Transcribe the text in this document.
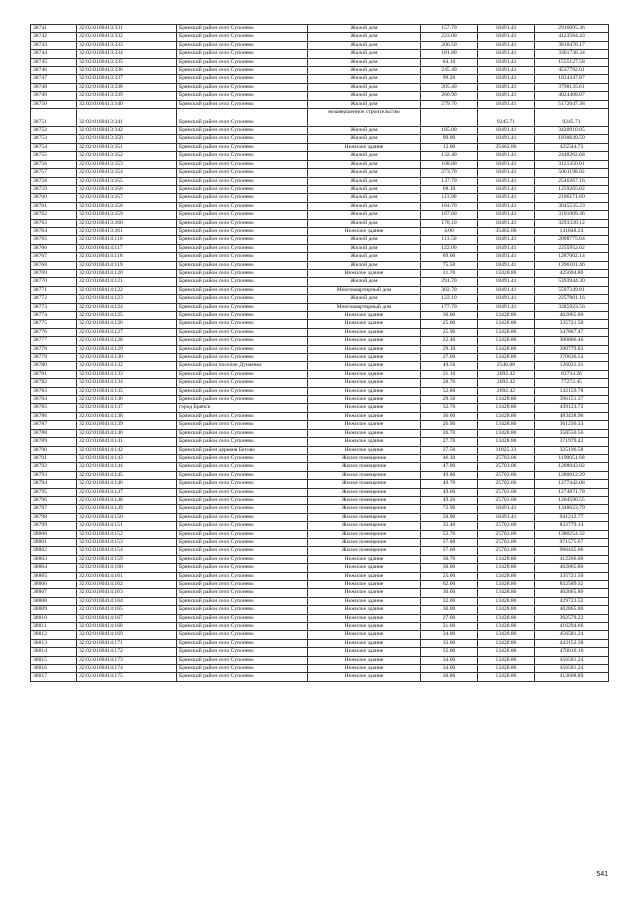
38741	32:02:0160413:331	Брянский район село Супонево	Жилой дом	157.70	18491.41	2916095.36
38742	32:02:0160413:332	Брянский район село Супонево	Жилой дом	223.00	18491.41	4123584.43
38743	32:02:0160413:333	Брянский район село Супонево	Жилой дом	206.50	18491.41	3818476.17
38744	32:02:0160413:334	Брянский район село Супонево	Жилой дом	181.80	18491.41	3361738.34
38745	32:02:0160413:335	Брянский район село Супонево	Жилой дом	84.10	18491.41	1555127.58
38746	32:02:0160413:336	Брянский район село Супонево	Жилой дом	245.40	18491.41	4537792.01
38747	32:02:0160413:337	Брянский район село Супонево	Жилой дом	99.20	18491.41	1834347.87
38748	32:02:0160413:338	Брянский район село Супонево	Жилой дом	205.40	18491.41	3798135.61
38749	32:02:0160413:339	Брянский район село Супонево	Жилой дом	260.90	18491.41	4824408.87
38750	32:02:0160413:340	Брянский район село Супонево	Жилой дом	279.70	18491.41	5172047.38
38751	32:02:0160413:341	Брянский район село Супонево	незавершенное строительство		9245.71	9245.71
38752	32:02:0160413:342	Брянский район село Супонево	Жилой дом	185.00	18491.41	3420910.85
38753	32:02:0160413:350	Брянский район село Супонево	Жилой дом	99.00	18491.41	1830649.59
38754	32:02:0160413:351	Брянский район село Супонево	Нежилое здание	12.00	35462.06	425544.72
38755	32:02:0160413:352	Брянский район село Супонево	Жилой дом	132.40	18491.41	2448262.68
38756	32:02:0160413:353	Брянский район село Супонево	Жилой дом	168.80	18491.41	3121350.01
38757	32:02:0160413:354	Брянский район село Супонево	Жилой дом	273.70	18491.41	5061198.92
38758	32:02:0160413:355	Брянский район село Супонево	Жилой дом	137.70	18491.41	2546267.16
38759	32:02:0160413:356	Брянский район село Супонево	Жилой дом	68.10	18491.41	1259265.02
38760	32:02:0160413:357	Брянский район село Супонево	Жилой дом	113.90	18491.41	2106171.60
38761	32:02:0160413:358	Брянский район село Супонево	Жилой дом	164.70	18491.41	3045535.23
38762	32:02:0160413:359	Брянский район село Супонево	Жилой дом	167.60	18491.41	3101009.46
38763	32:02:0160413:360	Брянский район село Супонево	Жилой дом	178.10	18491.41	3293320.12
38764	32:02:0160413:361	Брянский район село Супонево	Нежилое здание	4.00	35462.06	141848.24
38765	32:02:0160414:116	Брянский район село Супонево	Жилой дом	113.50	18491.41	2098775.04
38766	32:02:0160414:117	Брянский район село Супонево	Жилой дом	122.00	18491.41	2255952.02
38767	32:02:0160414:118	Брянский район село Супонево	Жилой дом	69.60	18491.41	1287002.14
38768	32:02:0160414:119	Брянский район село Супонево	Жилой дом	75.50	18491.41	1396101.46
38769	32:02:0160414:120	Брянский район село Супонево	Нежилое здание	31.70	13428.86	425694.86
38770	32:02:0160414:121	Брянский район село Супонево	Жилой дом	291.70	18491.41	5393944.30
38771	32:02:0160414:122	Брянский район село Супонево	Многоквартирный дом	302.70	18491.41	5597349.81
38772	32:02:0160414:123	Брянский район село Супонево	Жилой дом	122.10	18491.41	2257801.16
38773	32:02:0160414:124	Брянский район село Супонево	Многоквартирный дом	177.70	18491.41	3285923.56
38774	32:02:0160414:125	Брянский район село Супонево	Нежилое здание	30.00	13428.86	402865.80
38775	32:02:0160414:126	Брянский район село Супонево	Нежилое здание	25.00	13428.86	335721.50
38776	32:02:0160414:127	Брянский район село Супонево	Нежилое здание	25.90	13428.86	347807.47
38777	32:02:0160414:128	Брянский район село Супонево	Нежилое здание	22.40	13428.86	300806.46
38778	32:02:0160414:129	Брянский район село Супонево	Нежилое здание	29.10	13428.86	390779.83
38779	32:02:0160414:130	Брянский район село Супонево	Нежилое здание	27.60	13428.86	370636.54
38780	32:02:0160414:132	Брянский район поселок Дунаевка	Нежилое здание	49.50	2546.08	126031.31
38781	32:02:0160414:133	Брянский район село Супонево	Нежилое здание	31.10	2692.42	83734.26
38782	32:02:0160414:134	Брянский район село Супонево	Нежилое здание	28.70	2692.42	77272.45
38783	32:02:0160414:135	Брянский район село Супонево	Нежилое здание	52.80	2692.42	142159.78
38784	32:02:0160414:136	Брянский район село Супонево	Нежилое здание	29.50	13428.86	396151.37
38785	32:02:0160414:137	город Брянск	Нежилое здание	32.70	13428.86	439123.72
38786	32:02:0160414:138	Брянский район село Супонево	Нежилое здание	36.00	13428.86	483438.96
38787	32:02:0160414:139	Брянский район село Супонево	Нежилое здание	26.90	13428.86	361236.33
38788	32:02:0160414:140	Брянский район село Супонево	Нежилое здание	26.70	13428.86	358550.56
38789	32:02:0160414:141	Брянский район село Супонево	Нежилое здание	27.70	13428.86	371979.42
38790	32:02:0160414:142	Брянский район деревня Бетово	Нежилое здание	27.50	11825.33	325196.58
38791	32:02:0160414:143	Брянский район село Супонево	Жилое помещение	46.30	25703.06	1190051.68
38792	32:02:0160414:144	Брянский район село Супонево	Жилое помещение	47.00	25703.06	1208043.82
38793	32:02:0160414:145	Брянский район село Супонево	Жилое помещение	49.80	25703.06	1280012.39
38794	32:02:0160414:146	Брянский район село Супонево	Жилое помещение	49.70	25703.06	1277442.08
38795	32:02:0160414:147	Брянский район село Супонево	Жилое помещение	49.60	25703.06	1274871.78
38796	32:02:0160414:148	Брянский район село Супонево	Жилое помещение	49.20	25703.06	1264590.55
38797	32:02:0160414:149	Брянский район село Супонево	Жилое помещение	72.90	18491.41	1348023.79
38798	32:02:0160414:150	Брянский район село Супонево	Жилое помещение	50.90	18491.41	941212.77
38799	32:02:0160414:151	Брянский район село Супонево	Жилое помещение	32.40	25703.06	832779.14
38800	32:02:0160414:152	Брянский район село Супонево	Жилое помещение	53.70	25703.06	1380254.32
38801	32:02:0160414:153	Брянский район село Супонево	Жилое помещение	37.80	25703.06	971575.67
38802	32:02:0160414:154	Брянский район село Супонево	Жилое помещение	37.60	25703.06	966435.06
38803	32:02:0160414:159	Брянский район село Супонево	Нежилое здание	30.70	13428.86	412266.00
38804	32:02:0160414:160	Брянский район село Супонево	Нежилое здание	30.00	13428.86	402865.80
38805	32:02:0160414:161	Брянский район село Супонево	Нежилое здание	25.00	13428.86	335721.50
38806	32:02:0160414:162	Брянский район село Супонево	Нежилое здание	62.00	13428.86	832589.32
38807	32:02:0160414:163	Брянский район село Супонево	Нежилое здание	30.00	13428.86	402865.80
38808	32:02:0160414:164	Брянский район село Супонево	Нежилое здание	32.00	13428.86	429723.52
38809	32:02:0160414:165	Брянский район село Супонево	Нежилое здание	30.00	13428.86	402865.80
38810	32:02:0160414:167	Брянский район село Супонево	Нежилое здание	27.00	13428.86	362579.22
38811	32:02:0160414:168	Брянский район село Супонево	Нежилое здание	31.00	13428.86	416294.66
38812	32:02:0160414:169	Брянский район село Супонево	Нежилое здание	34.00	13428.86	456581.24
38813	32:02:0160414:171	Брянский район село Супонево	Нежилое здание	33.00	13428.86	443152.38
38814	32:02:0160414:172	Брянский район село Супонево	Нежилое здание	35.00	13428.86	470010.10
38815	32:02:0160414:173	Брянский район село Супонево	Нежилое здание	34.00	13428.86	456581.24
38816	32:02:0160414:174	Брянский район село Супонево	Нежилое здание	34.00	13428.86	456581.24
38817	32:02:0160414:175	Брянский район село Супонево	Нежилое здание	30.80	13428.86	413608.89
541
